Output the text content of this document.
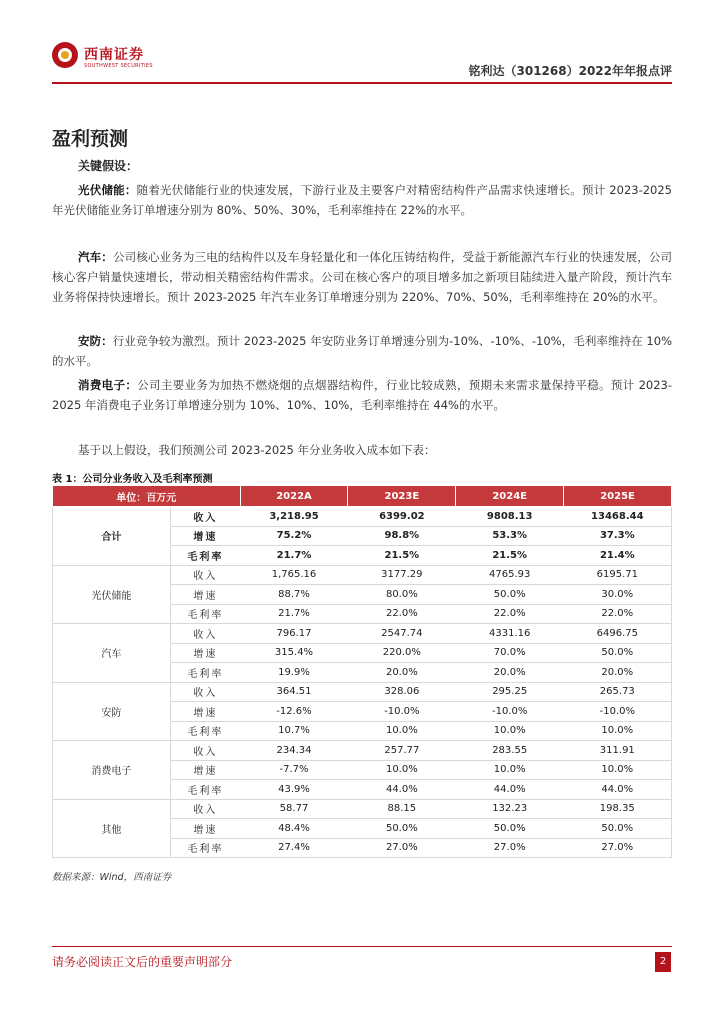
西南证券
SOUTHWEST SECURITIES	铭利达（301268）2022年年报点评
盈利预测
关键假设：
光伏储能：随着光伏储能行业的快速发展，下游行业及主要客户对精密结构件产品需求快速增长。预计 2023-2025 年光伏储能业务订单增速分别为 80%、50%、30%，毛利率维持在 22%的水平。
汽车：公司核心业务为三电的结构件以及车身轻量化和一体化压铸结构件，受益于新能源汽车行业的快速发展，公司核心客户销量快速增长，带动相关精密结构件需求。公司在核心客户的项目增多加之新项目陆续进入量产阶段，预计汽车业务将保持快速增长。预计 2023-2025 年汽车业务订单增速分别为 220%、70%、50%，毛利率维持在 20%的水平。
安防：行业竞争较为激烈。预计 2023-2025 年安防业务订单增速分别为-10%、-10%、-10%，毛利率维持在 10%的水平。
消费电子：公司主要业务为加热不燃烧烟的点烟器结构件，行业比较成熟，预期未来需求量保持平稳。预计 2023-2025 年消费电子业务订单增速分别为 10%、10%、10%，毛利率维持在 44%的水平。
基于以上假设，我们预测公司 2023-2025 年分业务收入成本如下表：
表 1：公司分业务收入及毛利率预测
单位：百万元		2022A	2023E	2024E	2025E
合计	收入	3,218.95	6399.02	9808.13	13468.44
	增速	75.2%	98.8%	53.3%	37.3%
	毛利率	21.7%	21.5%	21.5%	21.4%
光伏储能	收入	1,765.16	3177.29	4765.93	6195.71
	增速	88.7%	80.0%	50.0%	30.0%
	毛利率	21.7%	22.0%	22.0%	22.0%
汽车	收入	796.17	2547.74	4331.16	6496.75
	增速	315.4%	220.0%	70.0%	50.0%
	毛利率	19.9%	20.0%	20.0%	20.0%
安防	收入	364.51	328.06	295.25	265.73
	增速	-12.6%	-10.0%	-10.0%	-10.0%
	毛利率	10.7%	10.0%	10.0%	10.0%
消费电子	收入	234.34	257.77	283.55	311.91
	增速	-7.7%	10.0%	10.0%	10.0%
	毛利率	43.9%	44.0%	44.0%	44.0%
其他	收入	58.77	88.15	132.23	198.35
	增速	48.4%	50.0%	50.0%	50.0%
	毛利率	27.4%	27.0%	27.0%	27.0%
数据来源：Wind，西南证券
请务必阅读正文后的重要声明部分	2
